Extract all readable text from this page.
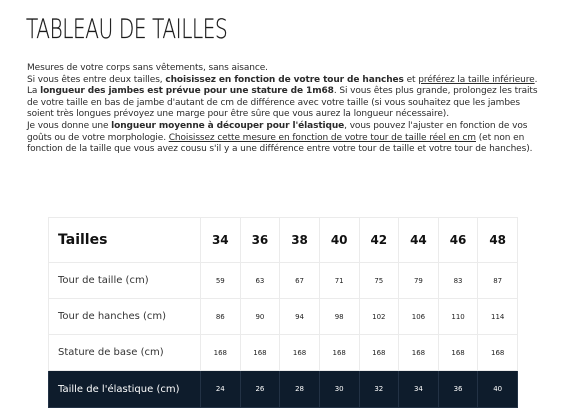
TABLEAU DE TAILLES

Mesures de votre corps sans vêtements, sans aisance.

Si vous êtes entre deux tailles, choisissez en fonction de votre tour de hanches et préférez la taille inférieure.

La longueur des jambes est prévue pour une stature de 1m68. Si vous êtes plus grande, prolongez les traits de votre taille en bas de jambe d'autant de cm de différence avec votre taille (si vous souhaitez que les jambes soient très longues prévoyez une marge pour être sûre que vous aurez la longueur nécessaire).

Je vous donne une longueur moyenne à découper pour l'élastique, vous pouvez l'ajuster en fonction de vos goûts ou de votre morphologie. Choisissez cette mesure en fonction de votre tour de taille réel en cm (et non en fonction de la taille que vous avez cousu s'il y a une différence entre votre tour de taille et votre tour de hanches).

Tailles	34	36	38	40	42	44	46	48
Tour de taille (cm)	59	63	67	71	75	79	83	87
Tour de hanches (cm)	86	90	94	98	102	106	110	114
Stature de base (cm)	168	168	168	168	168	168	168	168
Taille de l'élastique (cm)	24	26	28	30	32	34	36	40
